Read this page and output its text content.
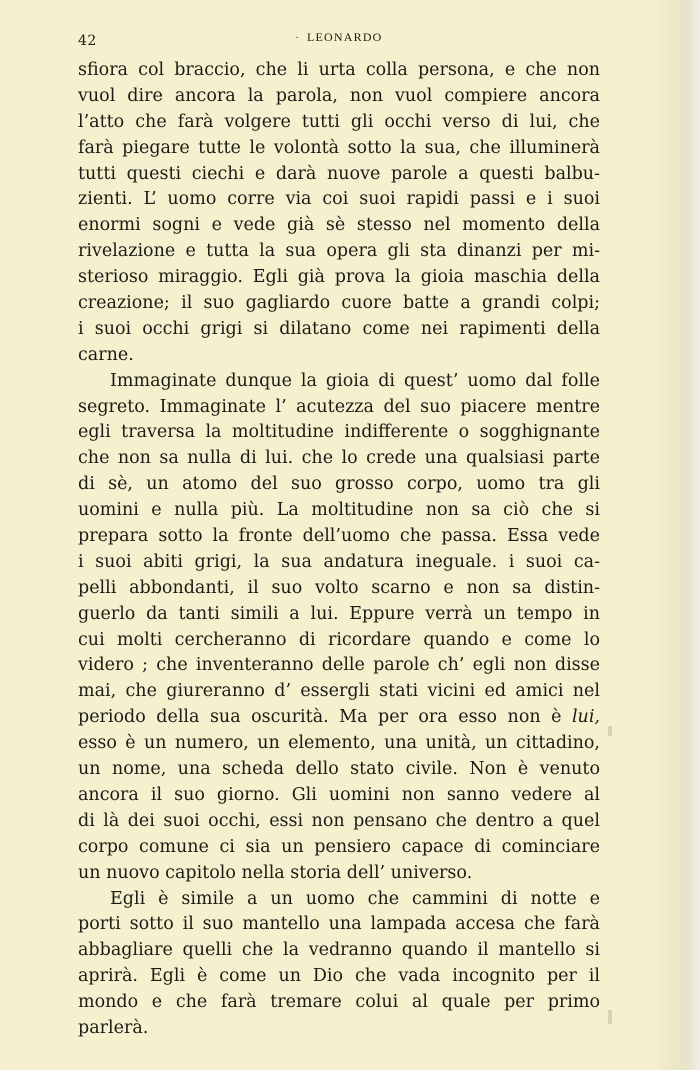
42	· LEONARDO
sfiora col braccio, che li urta colla persona, e che non
vuol dire ancora la parola, non vuol compiere ancora
l’atto che farà volgere tutti gli occhi verso di lui, che
farà piegare tutte le volontà sotto la sua, che illuminerà
tutti questi ciechi e darà nuove parole a questi balbu-
zienti. L’ uomo corre via coi suoi rapidi passi e i suoi
enormi sogni e vede già sè stesso nel momento della
rivelazione e tutta la sua opera gli sta dinanzi per mi-
sterioso miraggio. Egli già prova la gioia maschia della
creazione; il suo gagliardo cuore batte a grandi colpi;
i suoi occhi grigi si dilatano come nei rapimenti della
carne.
Immaginate dunque la gioia di quest’ uomo dal folle
segreto. Immaginate l’ acutezza del suo piacere mentre
egli traversa la moltitudine indifferente o sogghignante
che non sa nulla di lui. che lo crede una qualsiasi parte
di sè, un atomo del suo grosso corpo, uomo tra gli
uomini e nulla più. La moltitudine non sa ciò che si
prepara sotto la fronte dell’uomo che passa. Essa vede
i suoi abiti grigi, la sua andatura ineguale. i suoi ca-
pelli abbondanti, il suo volto scarno e non sa distin-
guerlo da tanti simili a lui. Eppure verrà un tempo in
cui molti cercheranno di ricordare quando e come lo
videro ; che inventeranno delle parole ch’ egli non disse
mai, che giureranno d’ essergli stati vicini ed amici nel
periodo della sua oscurità. Ma per ora esso non è lui,
esso è un numero, un elemento, una unità, un cittadino,
un nome, una scheda dello stato civile. Non è venuto
ancora il suo giorno. Gli uomini non sanno vedere al
di là dei suoi occhi, essi non pensano che dentro a quel
corpo comune ci sia un pensiero capace di cominciare
un nuovo capitolo nella storia dell’ universo.
Egli è simile a un uomo che cammini di notte e
porti sotto il suo mantello una lampada accesa che farà
abbagliare quelli che la vedranno quando il mantello si
aprirà. Egli è come un Dio che vada incognito per il
mondo e che farà tremare colui al quale per primo
parlerà.
